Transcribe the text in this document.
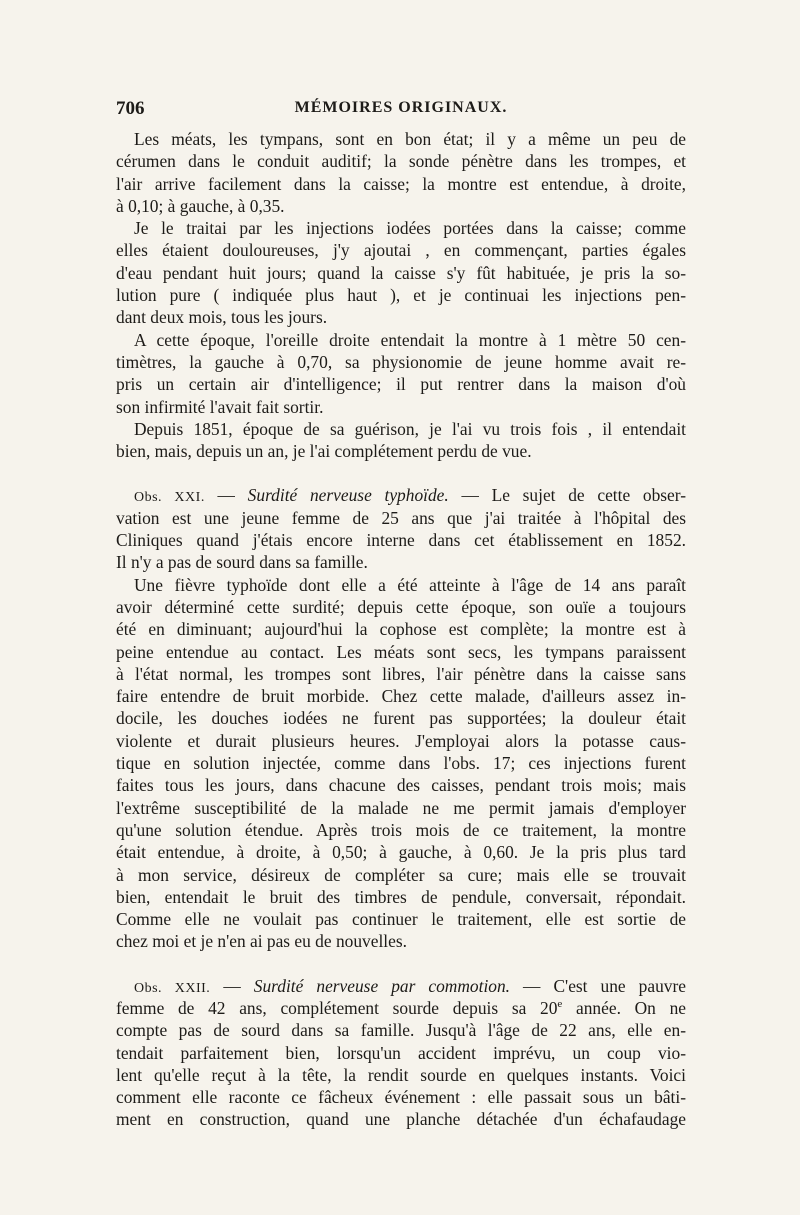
706	MÉMOIRES ORIGINAUX.
Les méats, les tympans, sont en bon état; il y a même un peu de
cérumen dans le conduit auditif; la sonde pénètre dans les trompes, et
l'air arrive facilement dans la caisse; la montre est entendue, à droite,
à 0,10; à gauche, à 0,35.
Je le traitai par les injections iodées portées dans la caisse; comme
elles étaient douloureuses, j'y ajoutai , en commençant, parties égales
d'eau pendant huit jours; quand la caisse s'y fût habituée, je pris la so-
lution pure ( indiquée plus haut ), et je continuai les injections pen-
dant deux mois, tous les jours.
A cette époque, l'oreille droite entendait la montre à 1 mètre 50 cen-
timètres, la gauche à 0,70, sa physionomie de jeune homme avait re-
pris un certain air d'intelligence; il put rentrer dans la maison d'où
son infirmité l'avait fait sortir.
Depuis 1851, époque de sa guérison, je l'ai vu trois fois , il entendait
bien, mais, depuis un an, je l'ai complétement perdu de vue.
Obs. XXI. — Surdité nerveuse typhoïde. — Le sujet de cette obser-
vation est une jeune femme de 25 ans que j'ai traitée à l'hôpital des
Cliniques quand j'étais encore interne dans cet établissement en 1852.
Il n'y a pas de sourd dans sa famille.
Une fièvre typhoïde dont elle a été atteinte à l'âge de 14 ans paraît
avoir déterminé cette surdité; depuis cette époque, son ouïe a toujours
été en diminuant; aujourd'hui la cophose est complète; la montre est à
peine entendue au contact. Les méats sont secs, les tympans paraissent
à l'état normal, les trompes sont libres, l'air pénètre dans la caisse sans
faire entendre de bruit morbide. Chez cette malade, d'ailleurs assez in-
docile, les douches iodées ne furent pas supportées; la douleur était
violente et durait plusieurs heures. J'employai alors la potasse caus-
tique en solution injectée, comme dans l'obs. 17; ces injections furent
faites tous les jours, dans chacune des caisses, pendant trois mois; mais
l'extrême susceptibilité de la malade ne me permit jamais d'employer
qu'une solution étendue. Après trois mois de ce traitement, la montre
était entendue, à droite, à 0,50; à gauche, à 0,60. Je la pris plus tard
à mon service, désireux de compléter sa cure; mais elle se trouvait
bien, entendait le bruit des timbres de pendule, conversait, répondait.
Comme elle ne voulait pas continuer le traitement, elle est sortie de
chez moi et je n'en ai pas eu de nouvelles.
Obs. XXII. — Surdité nerveuse par commotion. — C'est une pauvre
femme de 42 ans, complétement sourde depuis sa 20e année. On ne
compte pas de sourd dans sa famille. Jusqu'à l'âge de 22 ans, elle en-
tendait parfaitement bien, lorsqu'un accident imprévu, un coup vio-
lent qu'elle reçut à la tête, la rendit sourde en quelques instants. Voici
comment elle raconte ce fâcheux événement : elle passait sous un bâti-
ment en construction, quand une planche détachée d'un échafaudage
